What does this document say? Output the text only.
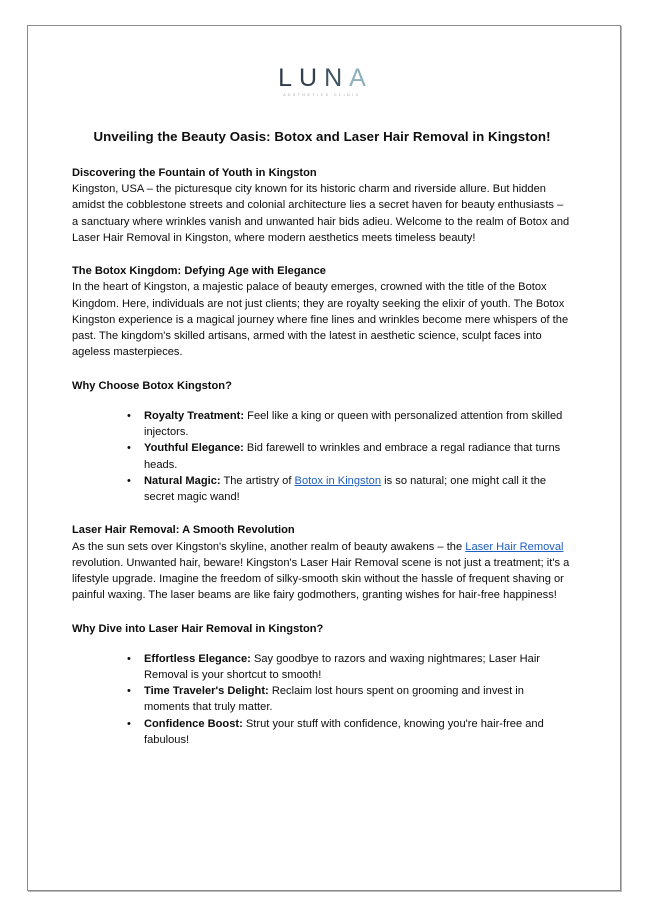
LUNA
AESTHETICS CLINIC
Unveiling the Beauty Oasis: Botox and Laser Hair Removal in Kingston!
Discovering the Fountain of Youth in Kingston

Kingston, USA – the picturesque city known for its historic charm and riverside allure. But hidden amidst the cobblestone streets and colonial architecture lies a secret haven for beauty enthusiasts – a sanctuary where wrinkles vanish and unwanted hair bids adieu. Welcome to the realm of Botox and Laser Hair Removal in Kingston, where modern aesthetics meets timeless beauty!

The Botox Kingdom: Defying Age with Elegance

In the heart of Kingston, a majestic palace of beauty emerges, crowned with the title of the Botox Kingdom. Here, individuals are not just clients; they are royalty seeking the elixir of youth. The Botox Kingston experience is a magical journey where fine lines and wrinkles become mere whispers of the past. The kingdom's skilled artisans, armed with the latest in aesthetic science, sculpt faces into ageless masterpieces.

Why Choose Botox Kingston?
• Royalty Treatment: Feel like a king or queen with personalized attention from skilled injectors.
• Youthful Elegance: Bid farewell to wrinkles and embrace a regal radiance that turns heads.
• Natural Magic: The artistry of Botox in Kingston is so natural; one might call it the secret magic wand!
Laser Hair Removal: A Smooth Revolution

As the sun sets over Kingston's skyline, another realm of beauty awakens – the Laser Hair Removal revolution. Unwanted hair, beware! Kingston's Laser Hair Removal scene is not just a treatment; it's a lifestyle upgrade. Imagine the freedom of silky-smooth skin without the hassle of frequent shaving or painful waxing. The laser beams are like fairy godmothers, granting wishes for hair-free happiness!

Why Dive into Laser Hair Removal in Kingston?
• Effortless Elegance: Say goodbye to razors and waxing nightmares; Laser Hair Removal is your shortcut to smooth!
• Time Traveler's Delight: Reclaim lost hours spent on grooming and invest in moments that truly matter.
• Confidence Boost: Strut your stuff with confidence, knowing you're hair-free and fabulous!
